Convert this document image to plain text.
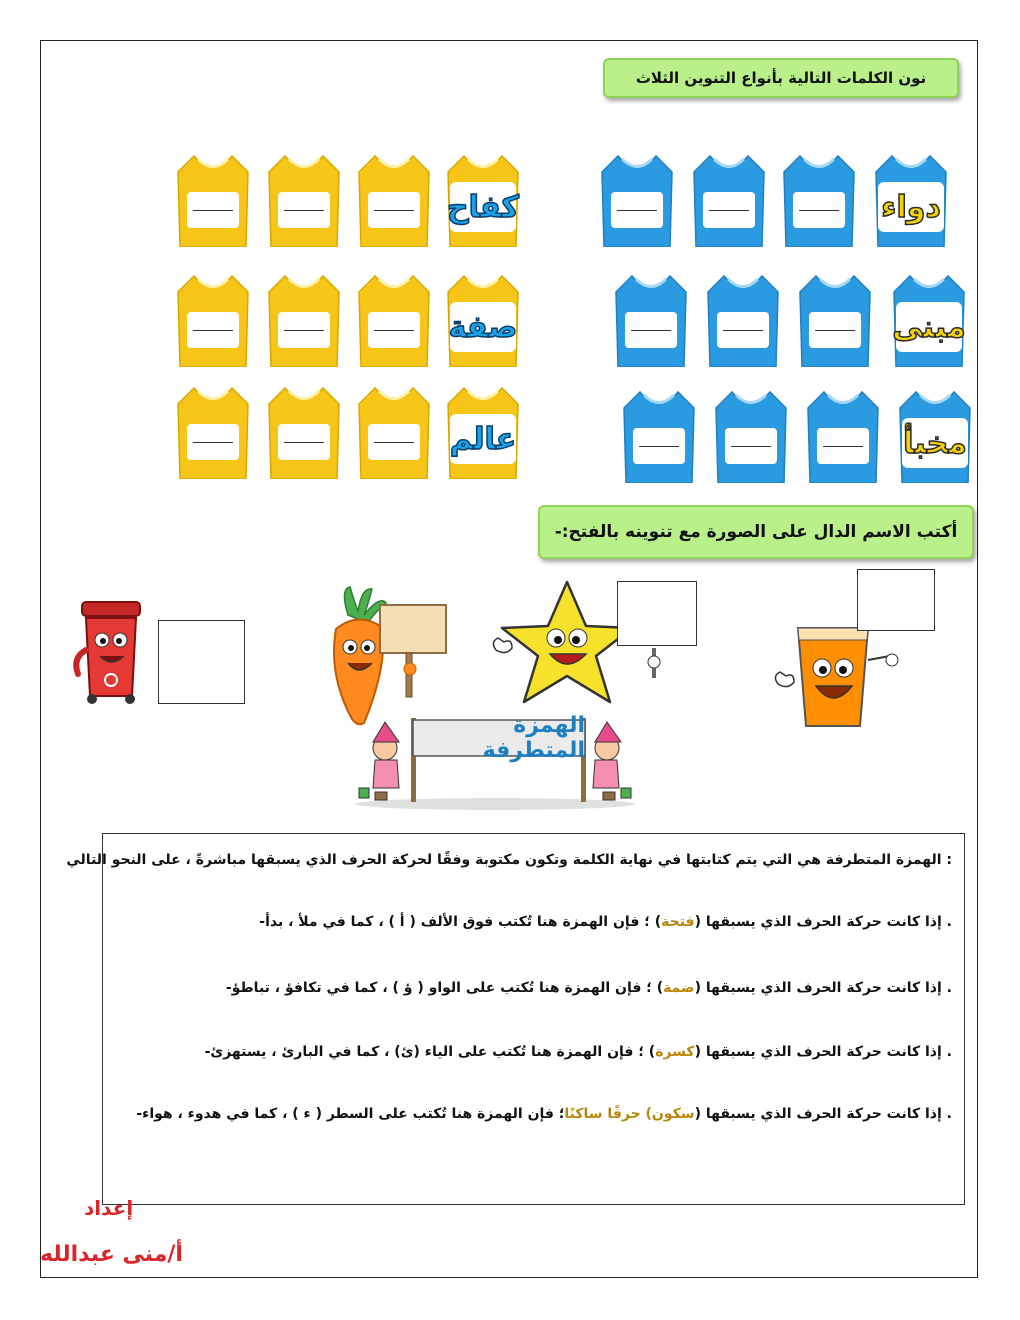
نون الكلمات التالية بأنواع التنوين الثلاث
دواء
مبنى
مخبأ
كفاح
صفة
عالم
أكتب الاسم الدال على الصورة مع تنوينه بالفتح:-
الهمزة المتطرفة
: الهمزة المتطرفة هي التي يتم كتابتها في نهاية الكلمة وتكون مكتوبة وفقًا لحركة الحرف الذي يسبقها مباشرةً ، على النحو التالي
. إذا كانت حركة الحرف الذي يسبقها (فتحة) ؛ فإن الهمزة هنا تُكتب فوق الألف ( أ ) ، كما في ملأ ، بدأ-
. إذا كانت حركة الحرف الذي يسبقها (ضمة) ؛ فإن الهمزة هنا تُكتب على الواو ( ؤ ) ، كما في تكافؤ ، تباطؤ-
. إذا كانت حركة الحرف الذي يسبقها (كسرة) ؛ فإن الهمزة هنا تُكتب على الياء (ئ) ، كما في البارئ ، يستهزئ-
. إذا كانت حركة الحرف الذي يسبقها (سكون) حرفًا ساكنًا؛ فإن الهمزة هنا تُكتب على السطر ( ء ) ، كما في هدوء ، هواء-
إعداد
أ/منى عبدالله
